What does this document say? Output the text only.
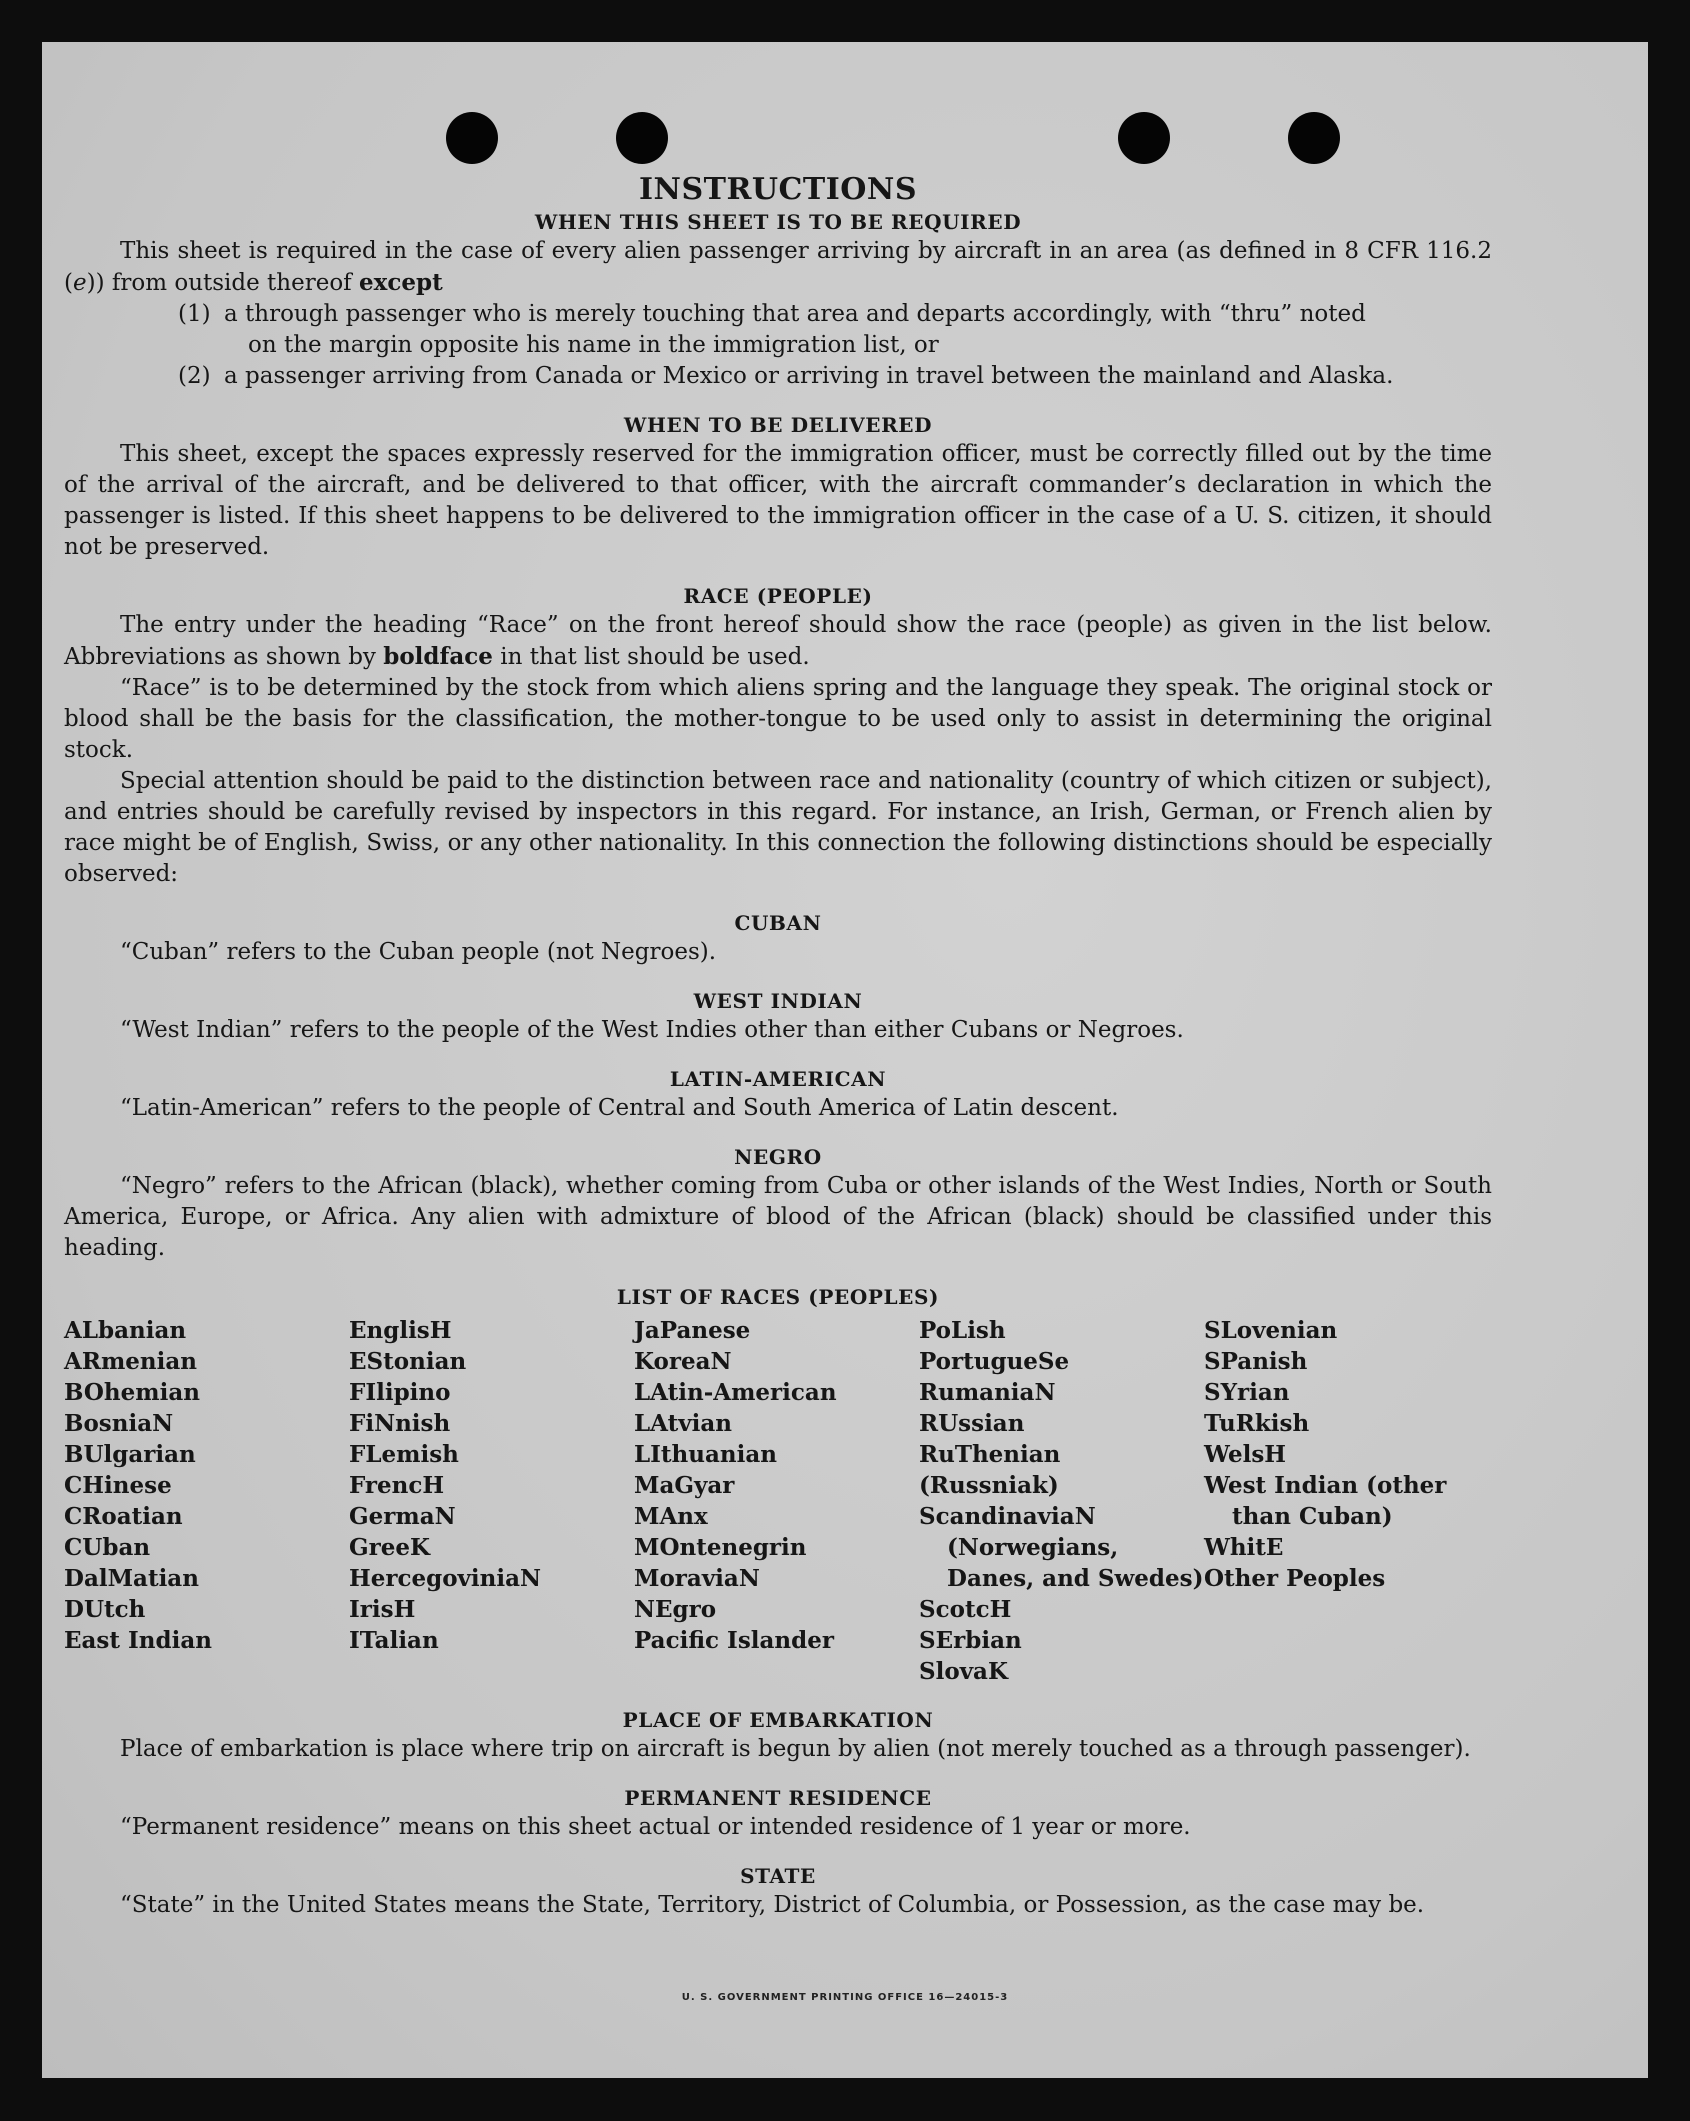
INSTRUCTIONS
WHEN THIS SHEET IS TO BE REQUIRED

This sheet is required in the case of every alien passenger arriving by aircraft in an area (as defined in 8 CFR 116.2 (e)) from outside thereof except

(1) a through passenger who is merely touching that area and departs accordingly, with “thru” noted
on the margin opposite his name in the immigration list, or
(2) a passenger arriving from Canada or Mexico or arriving in travel between the mainland and Alaska.
WHEN TO BE DELIVERED

This sheet, except the spaces expressly reserved for the immigration officer, must be correctly filled out by the time of the arrival of the aircraft, and be delivered to that officer, with the aircraft commander’s declaration in which the passenger is listed. If this sheet happens to be delivered to the immigration officer in the case of a U. S. citizen, it should not be preserved.

RACE (PEOPLE)

The entry under the heading “Race” on the front hereof should show the race (people) as given in the list below. Abbreviations as shown by boldface in that list should be used.

“Race” is to be determined by the stock from which aliens spring and the language they speak. The original stock or blood shall be the basis for the classification, the mother-tongue to be used only to assist in determining the original stock.

Special attention should be paid to the distinction between race and nationality (country of which citizen or subject), and entries should be carefully revised by inspectors in this regard. For instance, an Irish, German, or French alien by race might be of English, Swiss, or any other nationality. In this connection the following distinctions should be especially observed:

CUBAN

“Cuban” refers to the Cuban people (not Negroes).

WEST INDIAN

“West Indian” refers to the people of the West Indies other than either Cubans or Negroes.

LATIN-AMERICAN

“Latin-American” refers to the people of Central and South America of Latin descent.

NEGRO

“Negro” refers to the African (black), whether coming from Cuba or other islands of the West Indies, North or South America, Europe, or Africa. Any alien with admixture of blood of the African (black) should be classified under this heading.

LIST OF RACES (PEOPLES)
ALbanian
ARmenian
BOhemian
BosniaN
BUlgarian
CHinese
CRoatian
CUban
DalMatian
DUtch
East Indian
EnglisH
EStonian
FIlipino
FiNnish
FLemish
FrencH
GermaN
GreeK
HercegoviniaN
IrisH
ITalian
JaPanese
KoreaN
LAtin-American
LAtvian
LIthuanian
MaGyar
MAnx
MOntenegrin
MoraviaN
NEgro
Pacific Islander
PoLish
PortugueSe
RumaniaN
RUssian
RuThenian (Russniak)
ScandinaviaN (Norwegians, Danes, and Swedes)
ScotcH
SErbian
SlovaK
SLovenian
SPanish
SYrian
TuRkish
WelsH
West Indian (other than Cuban)
WhitE
Other Peoples
PLACE OF EMBARKATION

Place of embarkation is place where trip on aircraft is begun by alien (not merely touched as a through passenger).

PERMANENT RESIDENCE

“Permanent residence” means on this sheet actual or intended residence of 1 year or more.

STATE

“State” in the United States means the State, Territory, District of Columbia, or Possession, as the case may be.

U. S. GOVERNMENT PRINTING OFFICE 16—24015-3
